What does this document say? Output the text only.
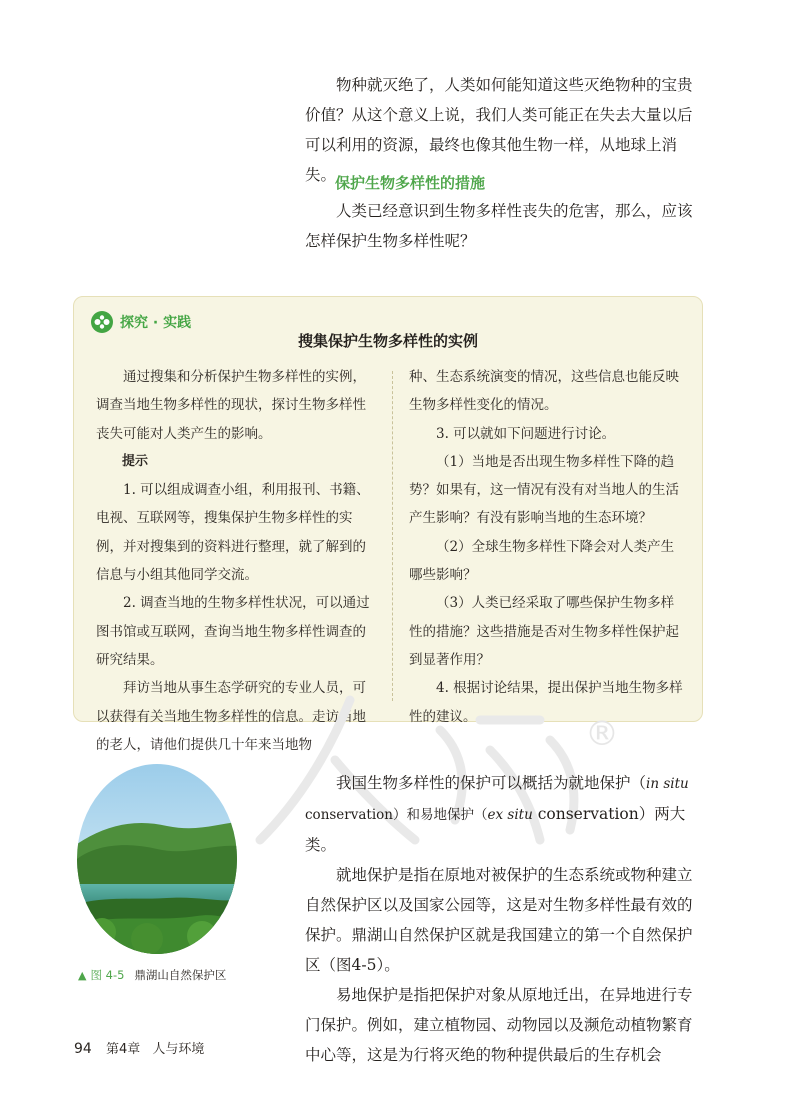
物种就灭绝了，人类如何能知道这些灭绝物种的宝贵价值？从这个意义上说，我们人类可能正在失去大量以后可以利用的资源，最终也像其他生物一样，从地球上消失。

保护生物多样性的措施

人类已经意识到生物多样性丧失的危害，那么，应该怎样保护生物多样性呢？

探究 · 实践
搜集保护生物多样性的实例

通过搜集和分析保护生物多样性的实例，调查当地生物多样性的现状，探讨生物多样性丧失可能对人类产生的影响。

提示

1. 可以组成调查小组，利用报刊、书籍、电视、互联网等，搜集保护生物多样性的实例，并对搜集到的资料进行整理，就了解到的信息与小组其他同学交流。

2. 调查当地的生物多样性状况，可以通过图书馆或互联网，查询当地生物多样性调查的研究结果。

拜访当地从事生态学研究的专业人员，可以获得有关当地生物多样性的信息。走访当地的老人，请他们提供几十年来当地物

种、生态系统演变的情况，这些信息也能反映生物多样性变化的情况。

3. 可以就如下问题进行讨论。

（1）当地是否出现生物多样性下降的趋势？如果有，这一情况有没有对当地人的生活产生影响？有没有影响当地的生态环境？

（2）全球生物多样性下降会对人类产生哪些影响？

（3）人类已经采取了哪些保护生物多样性的措施？这些措施是否对生物多样性保护起到显著作用？

4. 根据讨论结果，提出保护当地生物多样性的建议。	®
▲ 图 4-5 鼎湖山自然保护区

我国生物多样性的保护可以概括为就地保护（in situ conservation）和易地保护（ex situ conservation）两大类。

就地保护是指在原地对被保护的生态系统或物种建立自然保护区以及国家公园等，这是对生物多样性最有效的保护。鼎湖山自然保护区就是我国建立的第一个自然保护区（图4-5）。

易地保护是指把保护对象从原地迁出，在异地进行专门保护。例如，建立植物园、动物园以及濒危动植物繁育中心等，这是为行将灭绝的物种提供最后的生存机会

94 第4章 人与环境
